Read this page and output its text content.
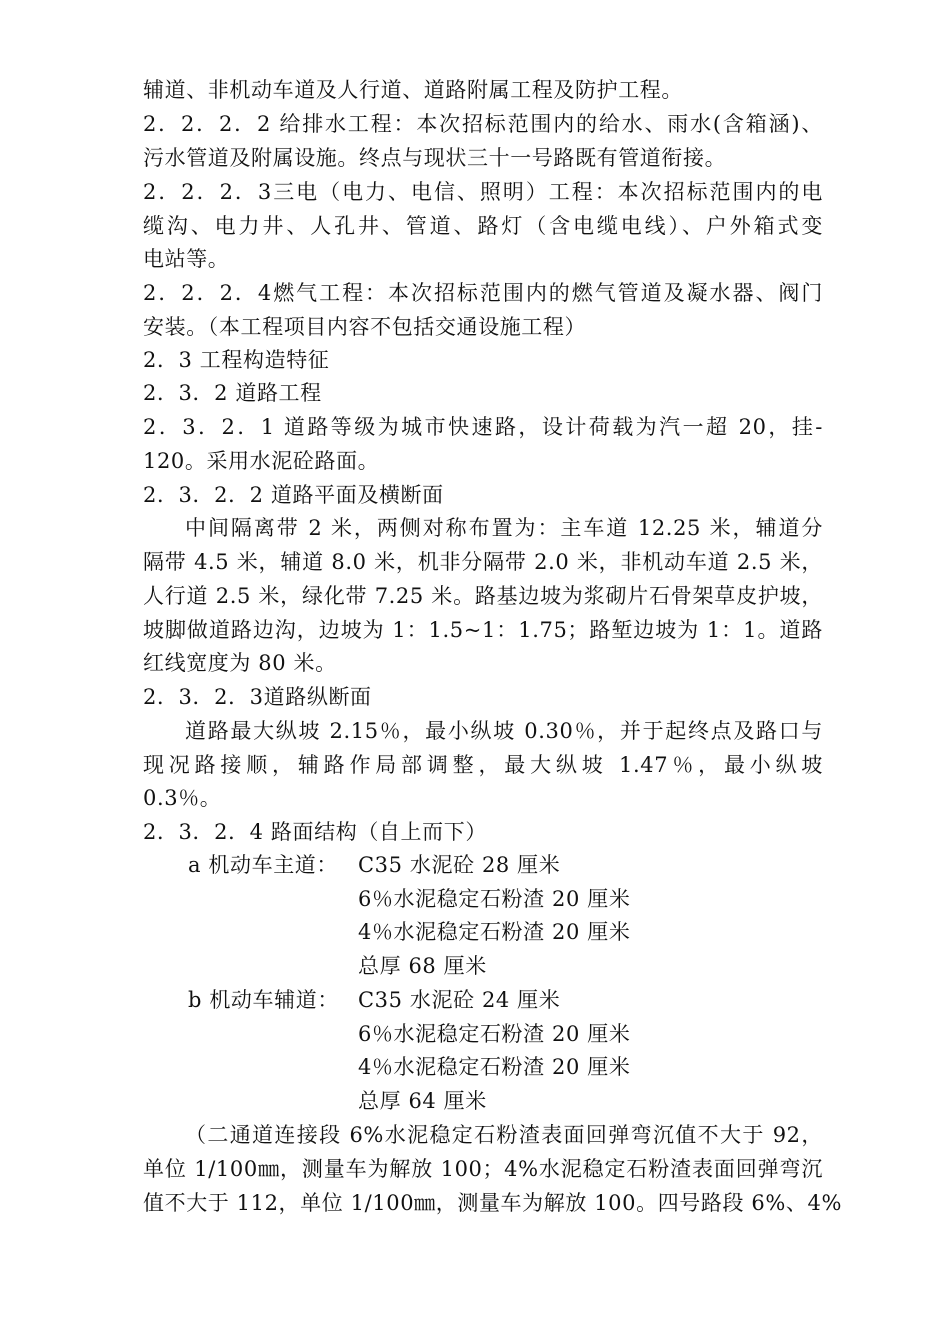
辅道、非机动车道及人行道、道路附属工程及防护工程。
2．2．2．2 给排水工程：本次招标范围内的给水、雨水(含箱涵)、
污水管道及附属设施。终点与现状三十一号路既有管道衔接。
2．2．2．3三电（电力、电信、照明）工程：本次招标范围内的电
缆沟、电力井、人孔井、管道、路灯（含电缆电线）、户外箱式变
电站等。
2．2．2．4燃气工程：本次招标范围内的燃气管道及凝水器、阀门
安装。（本工程项目内容不包括交通设施工程）
2．3 工程构造特征
2．3．2 道路工程
2．3．2．1 道路等级为城市快速路，设计荷载为汽一超 20，挂-
120。采用水泥砼路面。
2．3．2．2 道路平面及横断面
中间隔离带 2 米，两侧对称布置为：主车道 12.25 米，辅道分
隔带 4.5 米，辅道 8.0 米，机非分隔带 2.0 米，非机动车道 2.5 米，
人行道 2.5 米，绿化带 7.25 米。路基边坡为浆砌片石骨架草皮护坡，
坡脚做道路边沟，边坡为 1：1.5~1：1.75；路堑边坡为 1：1。道路
红线宽度为 80 米。
2．3．2．3道路纵断面
道路最大纵坡 2.15％，最小纵坡 0.30％，并于起终点及路口与
现况路接顺，辅路作局部调整，最大纵坡 1.47％，最小纵坡
0.3％。
2．3．2．4 路面结构（自上而下）
a 机动车主道： C35 水泥砼 28 厘米
6％水泥稳定石粉渣 20 厘米
4％水泥稳定石粉渣 20 厘米
总厚 68 厘米
b 机动车辅道： C35 水泥砼 24 厘米
6％水泥稳定石粉渣 20 厘米
4％水泥稳定石粉渣 20 厘米
总厚 64 厘米
（二通道连接段 6%水泥稳定石粉渣表面回弹弯沉值不大于 92，
单位 1/100㎜，测量车为解放 100；4%水泥稳定石粉渣表面回弹弯沉
值不大于 112，单位 1/100㎜，测量车为解放 100。四号路段 6%、4%
